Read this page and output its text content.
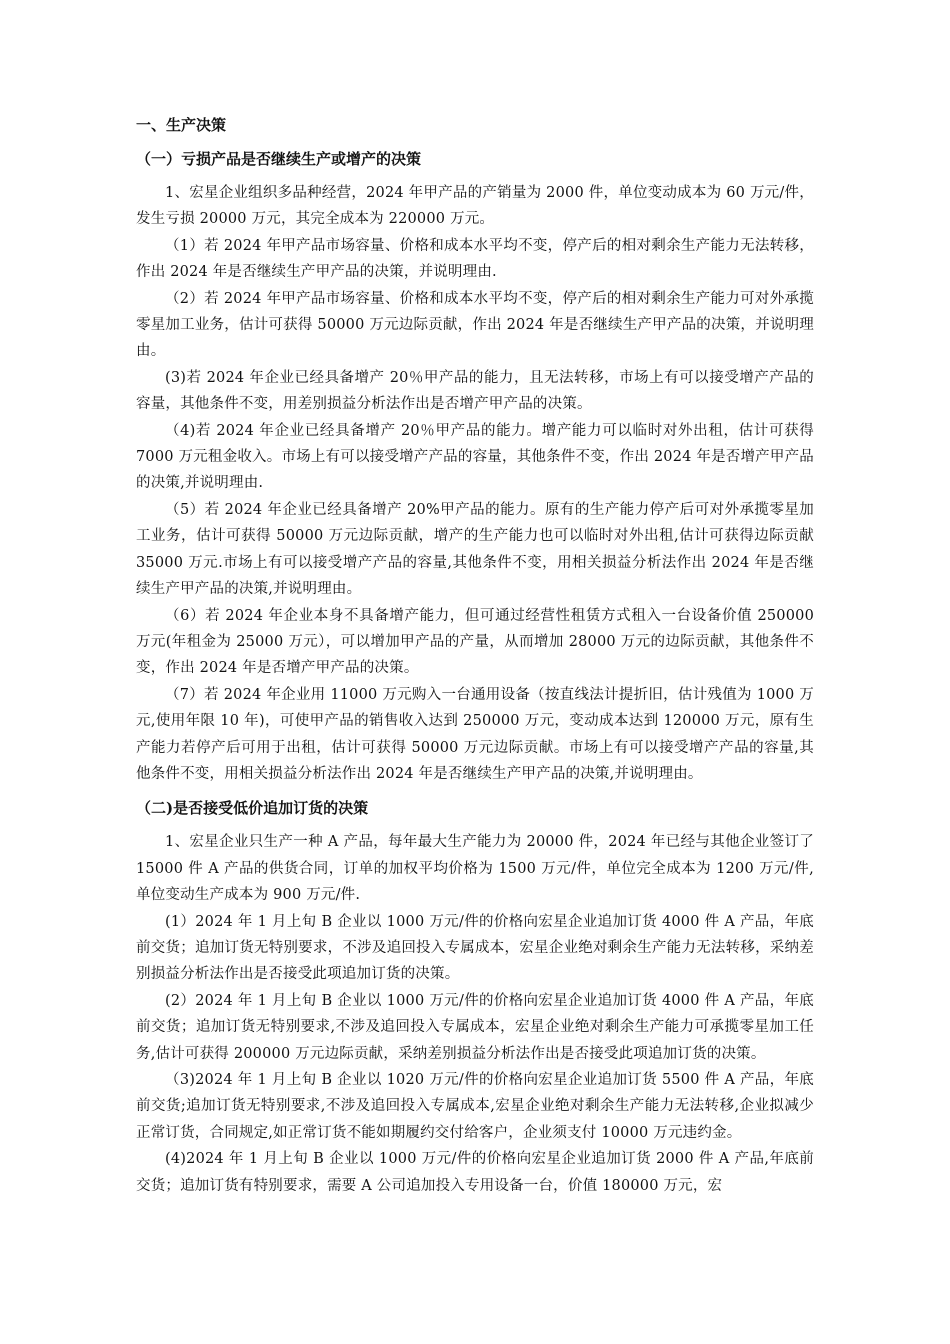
一、生产决策
（一）亏损产品是否继续生产或增产的决策

1、宏星企业组织多品种经营，2024 年甲产品的产销量为 2000 件，单位变动成本为 60 万元/件，发生亏损 20000 万元，其完全成本为 220000 万元。

（1）若 2024 年甲产品市场容量、价格和成本水平均不变，停产后的相对剩余生产能力无法转移，作出 2024 年是否继续生产甲产品的决策，并说明理由.

（2）若 2024 年甲产品市场容量、价格和成本水平均不变，停产后的相对剩余生产能力可对外承揽零星加工业务，估计可获得 50000 万元边际贡献，作出 2024 年是否继续生产甲产品的决策，并说明理由。

(3)若 2024 年企业已经具备增产 20％甲产品的能力，且无法转移，市场上有可以接受增产产品的容量，其他条件不变，用差别损益分析法作出是否增产甲产品的决策。

（4)若 2024 年企业已经具备增产 20％甲产品的能力。增产能力可以临时对外出租，估计可获得 7000 万元租金收入。市场上有可以接受增产产品的容量，其他条件不变，作出 2024 年是否增产甲产品的决策,并说明理由.

（5）若 2024 年企业已经具备增产 20%甲产品的能力。原有的生产能力停产后可对外承揽零星加工业务，估计可获得 50000 万元边际贡献，增产的生产能力也可以临时对外出租,估计可获得边际贡献 35000 万元.市场上有可以接受增产产品的容量,其他条件不变，用相关损益分析法作出 2024 年是否继续生产甲产品的决策,并说明理由。

（6）若 2024 年企业本身不具备增产能力，但可通过经营性租赁方式租入一台设备价值 250000 万元(年租金为 25000 万元），可以增加甲产品的产量，从而增加 28000 万元的边际贡献，其他条件不变，作出 2024 年是否增产甲产品的决策。

（7）若 2024 年企业用 11000 万元购入一台通用设备（按直线法计提折旧，估计残值为 1000 万元,使用年限 10 年)，可使甲产品的销售收入达到 250000 万元，变动成本达到 120000 万元，原有生产能力若停产后可用于出租，估计可获得 50000 万元边际贡献。市场上有可以接受增产产品的容量,其他条件不变，用相关损益分析法作出 2024 年是否继续生产甲产品的决策,并说明理由。

（二)是否接受低价追加订货的决策

1、宏星企业只生产一种 A 产品，每年最大生产能力为 20000 件，2024 年已经与其他企业签订了 15000 件 A 产品的供货合同，订单的加权平均价格为 1500 万元/件，单位完全成本为 1200 万元/件,单位变动生产成本为 900 万元/件.

(1）2024 年 1 月上旬 B 企业以 1000 万元/件的价格向宏星企业追加订货 4000 件 A 产品，年底前交货；追加订货无特别要求，不涉及追回投入专属成本，宏星企业绝对剩余生产能力无法转移，采纳差别损益分析法作出是否接受此项追加订货的决策。

(2）2024 年 1 月上旬 B 企业以 1000 万元/件的价格向宏星企业追加订货 4000 件 A 产品，年底前交货；追加订货无特别要求,不涉及追回投入专属成本，宏星企业绝对剩余生产能力可承揽零星加工任务,估计可获得 200000 万元边际贡献，采纳差别损益分析法作出是否接受此项追加订货的决策。

（3)2024 年 1 月上旬 B 企业以 1020 万元/件的价格向宏星企业追加订货 5500 件 A 产品，年底前交货;追加订货无特别要求,不涉及追回投入专属成本,宏星企业绝对剩余生产能力无法转移,企业拟减少正常订货，合同规定,如正常订货不能如期履约交付给客户，企业须支付 10000 万元违约金。

(4)2024 年 1 月上旬 B 企业以 1000 万元/件的价格向宏星企业追加订货 2000 件 A 产品,年底前交货；追加订货有特别要求，需要 A 公司追加投入专用设备一台，价值 180000 万元，宏
